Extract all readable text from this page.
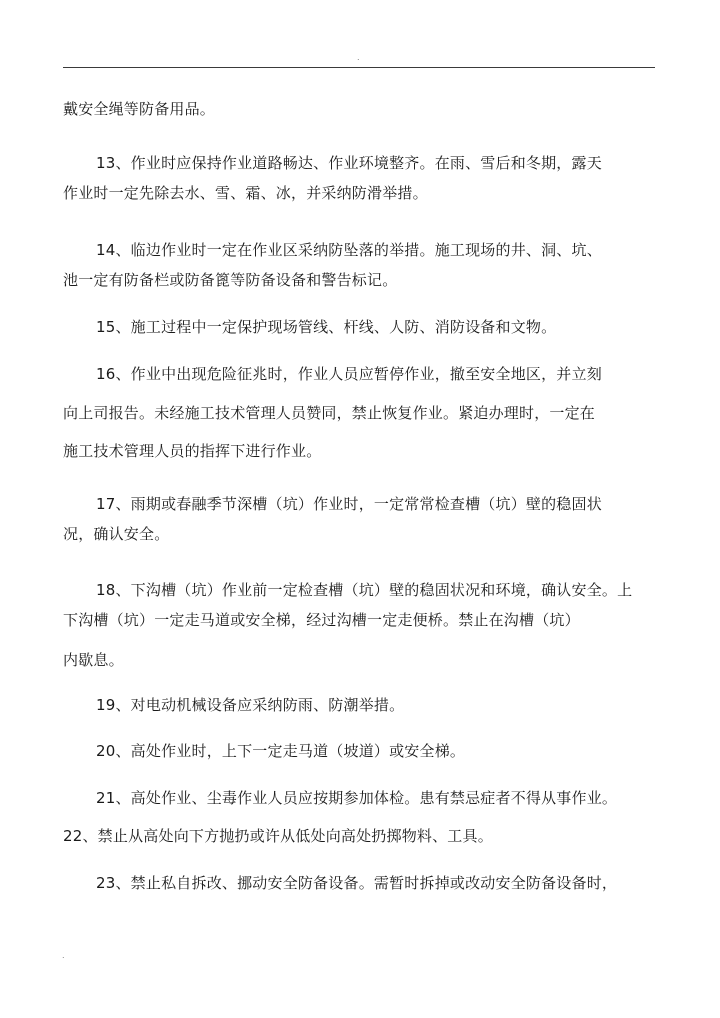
.
戴安全绳等防备用品。
13、作业时应保持作业道路畅达、作业环境整齐。在雨、雪后和冬期，露天
作业时一定先除去水、雪、霜、冰，并采纳防滑举措。
14、临边作业时一定在作业区采纳防坠落的举措。施工现场的井、洞、坑、
池一定有防备栏或防备篦等防备设备和警告标记。
15、施工过程中一定保护现场管线、杆线、人防、消防设备和文物。
16、作业中出现危险征兆时，作业人员应暂停作业，撤至安全地区，并立刻
向上司报告。未经施工技术管理人员赞同，禁止恢复作业。紧迫办理时，一定在
施工技术管理人员的指挥下进行作业。
17、雨期或春融季节深槽（坑）作业时，一定常常检查槽（坑）壁的稳固状
况，确认安全。
18、下沟槽（坑）作业前一定检查槽（坑）壁的稳固状况和环境，确认安全。上
下沟槽（坑）一定走马道或安全梯，经过沟槽一定走便桥。禁止在沟槽（坑）
内歇息。
19、对电动机械设备应采纳防雨、防潮举措。
20、高处作业时，上下一定走马道（坡道）或安全梯。
21、高处作业、尘毒作业人员应按期参加体检。患有禁忌症者不得从事作业。
22、禁止从高处向下方抛扔或许从低处向高处扔掷物料、工具。
23、禁止私自拆改、挪动安全防备设备。需暂时拆掉或改动安全防备设备时，
.
